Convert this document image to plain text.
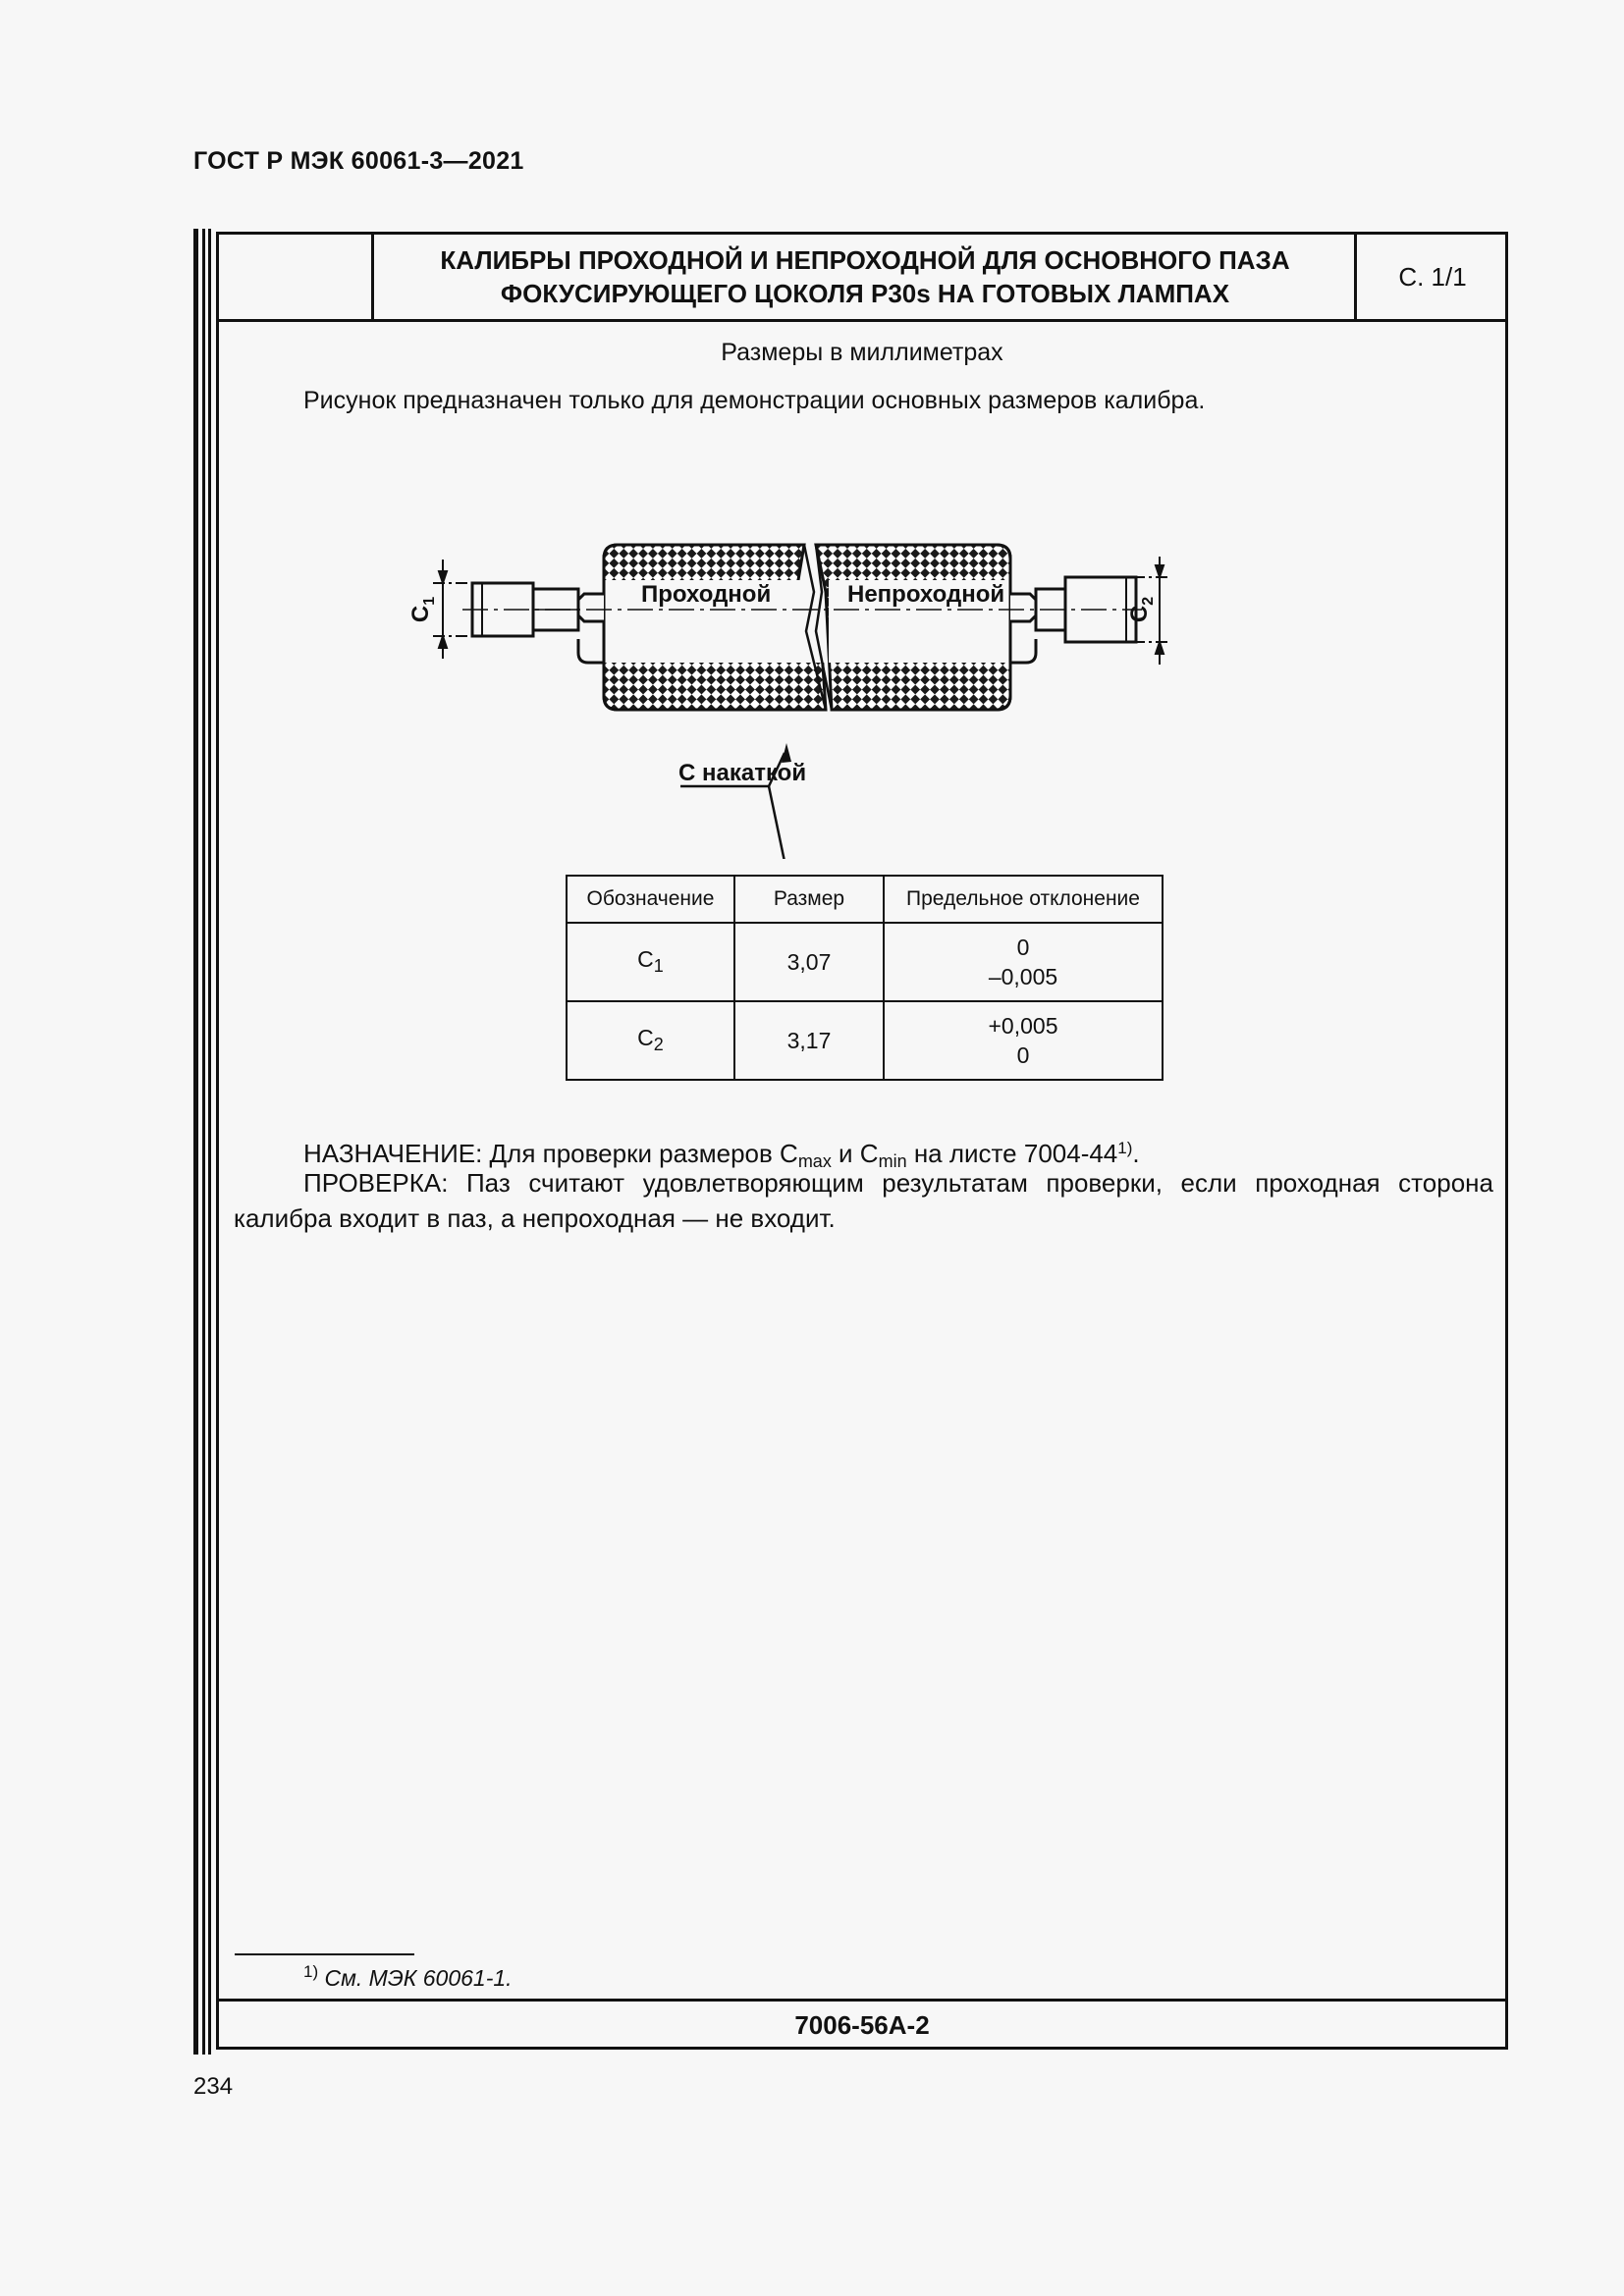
ГОСТ Р МЭК 60061-3—2021
КАЛИБРЫ ПРОХОДНОЙ И НЕПРОХОДНОЙ ДЛЯ ОСНОВНОГО ПАЗА
ФОКУСИРУЮЩЕГО ЦОКОЛЯ P30s НА ГОТОВЫХ ЛАМПАХ
С. 1/1
Размеры в миллиметрах
Рисунок предназначен только для демонстрации основных размеров калибра.
$C_1$
$C_2$
Проходной	Непроходной
С накаткой
Обозначение	Размер	Предельное отклонение
$C_1$	3,07	0
–0,005

$C_2$	3,17	+0,005
0
НАЗНАЧЕНИЕ: Для проверки размеров $C_{max}$ и $C_{min}$ на листе 7004-44$^{1)}$.
ПРОВЕРКА: Паз считают удовлетворяющим результатам проверки, если проходная сторона
калибра входит в паз, а непроходная — не входит.
$^{1)}$ См. МЭК 60061-1.
7006-56A-2
234
